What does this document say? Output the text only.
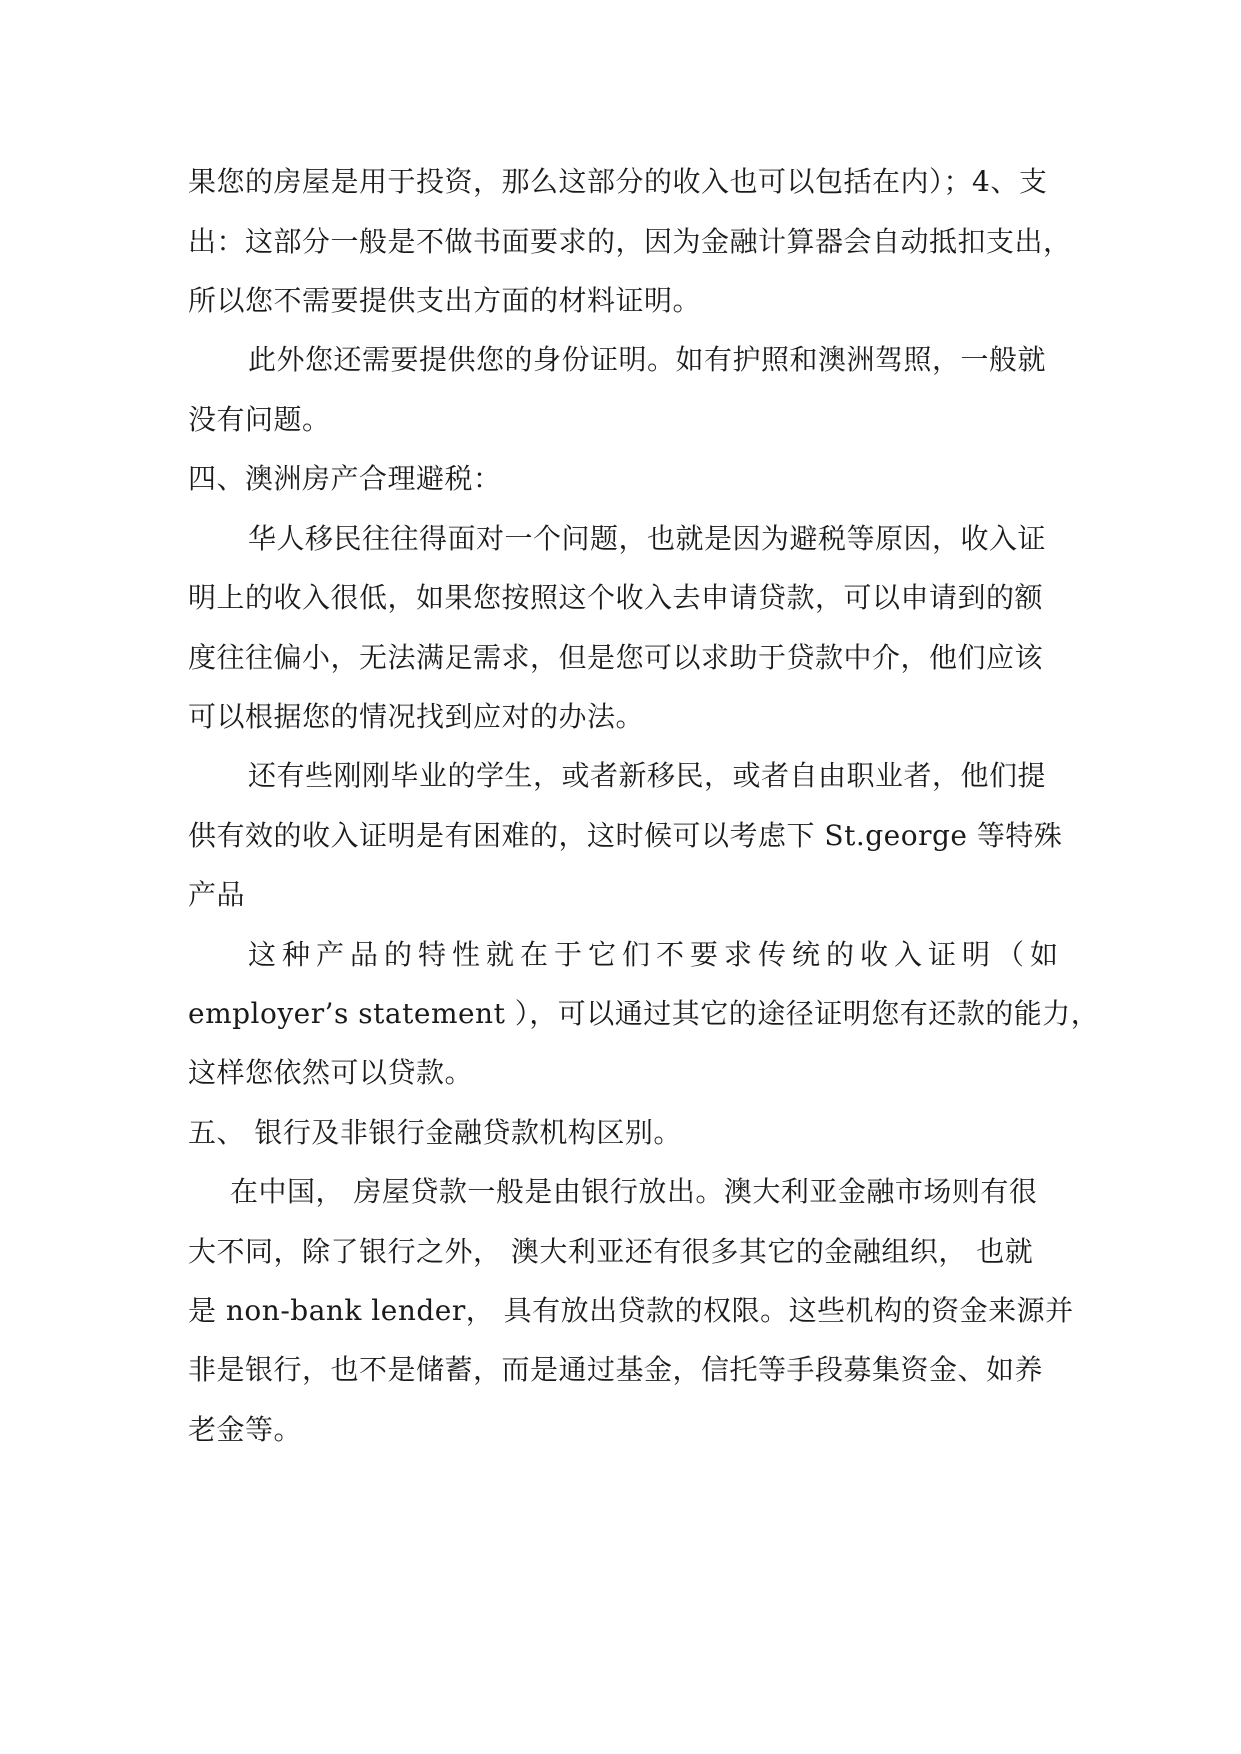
果您的房屋是用于投资，那么这部分的收入也可以包括在内）；4、支
出：这部分一般是不做书面要求的，因为金融计算器会自动抵扣支出，
所以您不需要提供支出方面的材料证明。
此外您还需要提供您的身份证明。如有护照和澳洲驾照，一般就
没有问题。
四、澳洲房产合理避税：
华人移民往往得面对一个问题，也就是因为避税等原因，收入证
明上的收入很低，如果您按照这个收入去申请贷款，可以申请到的额
度往往偏小，无法满足需求，但是您可以求助于贷款中介，他们应该
可以根据您的情况找到应对的办法。
还有些刚刚毕业的学生，或者新移民，或者自由职业者，他们提
供有效的收入证明是有困难的，这时候可以考虑下 St.george 等特殊
产品
这种产品的特性就在于它们不要求传统的收入证明（如
employer’s statement ），可以通过其它的途径证明您有还款的能力，
这样您依然可以贷款。
五、 银行及非银行金融贷款机构区别。
在中国， 房屋贷款一般是由银行放出。澳大利亚金融市场则有很
大不同，除了银行之外， 澳大利亚还有很多其它的金融组织， 也就
是 non-bank lender， 具有放出贷款的权限。这些机构的资金来源并
非是银行，也不是储蓄，而是通过基金，信托等手段募集资金、如养
老金等。
